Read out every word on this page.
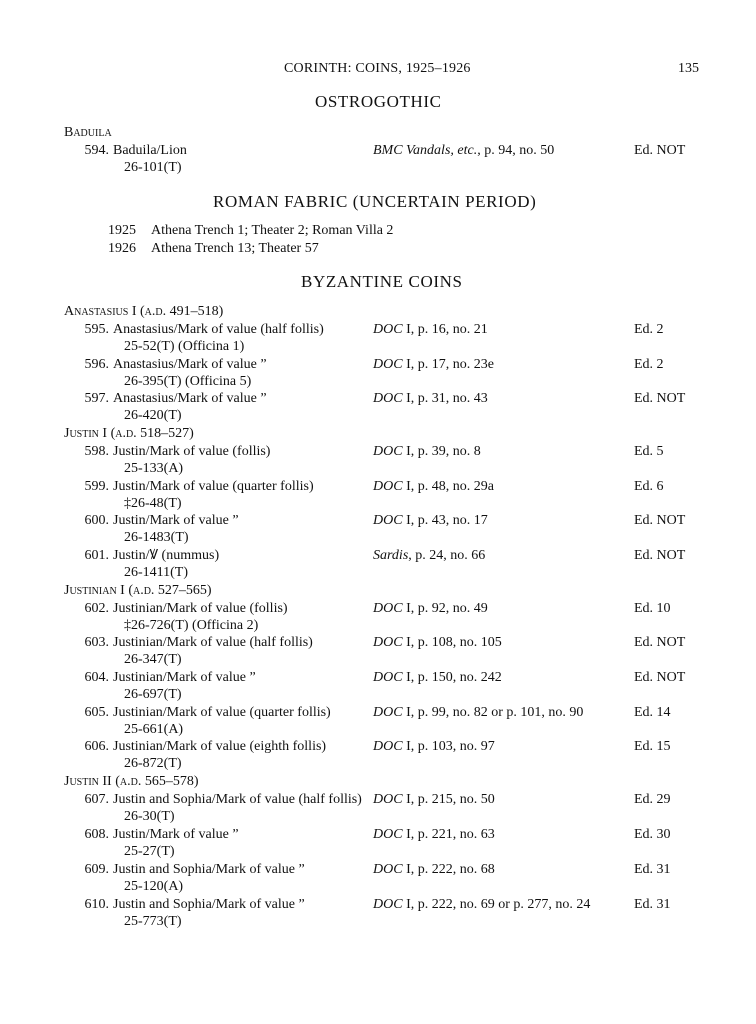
CORINTH: COINS, 1925–1926	135
OSTROGOTHIC
Baduila
ROMAN FABRIC (UNCERTAIN PERIOD)
1925 Athena Trench 1; Theater 2; Roman Villa 2
1926 Athena Trench 13; Theater 57
BYZANTINE COINS
Anastasius I (a.d. 491–518)
Justin I (a.d. 518–527)
Justinian I (a.d. 527–565)
Justin II (a.d. 565–578)
594. Baduila/Lion
26-101(T)
BMC Vandals, etc., p. 94, no. 50	Ed. NOT
595. Anastasius/Mark of value (half follis)
25-52(T) (Officina 1)
DOC I, p. 16, no. 21	Ed. 2
596. Anastasius/Mark of value ”
26-395(T) (Officina 5)
DOC I, p. 17, no. 23e	Ed. 2
597. Anastasius/Mark of value ”
26-420(T)
DOC I, p. 31, no. 43	Ed. NOT
598. Justin/Mark of value (follis)
25-133(A)
DOC I, p. 39, no. 8	Ed. 5
599. Justin/Mark of value (quarter follis)
‡26-48(T)
DOC I, p. 48, no. 29a	Ed. 6
600. Justin/Mark of value ”
26-1483(T)
DOC I, p. 43, no. 17	Ed. NOT
601. Justin/Ꝟ (nummus)
26-1411(T)
Sardis, p. 24, no. 66	Ed. NOT
602. Justinian/Mark of value (follis)
‡26-726(T) (Officina 2)
DOC I, p. 92, no. 49	Ed. 10
603. Justinian/Mark of value (half follis)
26-347(T)
DOC I, p. 108, no. 105	Ed. NOT
604. Justinian/Mark of value ”
26-697(T)
DOC I, p. 150, no. 242	Ed. NOT
605. Justinian/Mark of value (quarter follis)
25-661(A)
DOC I, p. 99, no. 82 or p. 101, no. 90	Ed. 14
606. Justinian/Mark of value (eighth follis)
26-872(T)
DOC I, p. 103, no. 97	Ed. 15
607. Justin and Sophia/Mark of value (half follis)
26-30(T)
DOC I, p. 215, no. 50	Ed. 29
608. Justin/Mark of value ”
25-27(T)
DOC I, p. 221, no. 63	Ed. 30
609. Justin and Sophia/Mark of value ”
25-120(A)
DOC I, p. 222, no. 68	Ed. 31
610. Justin and Sophia/Mark of value ”
25-773(T)
DOC I, p. 222, no. 69 or p. 277, no. 24	Ed. 31
